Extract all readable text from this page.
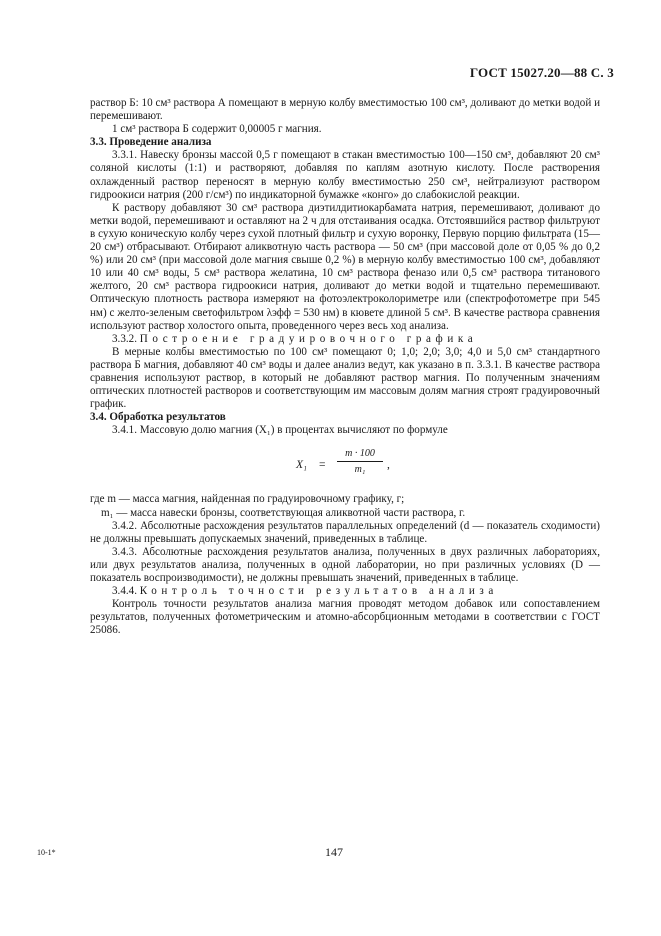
ГОСТ 15027.20—88 С. 3

раствор Б: 10 см³ раствора А помещают в мерную колбу вместимостью 100 см³, доливают до метки водой и перемешивают.

1 см³ раствора Б содержит 0,00005 г магния.

3.3. Проведение анализа

3.3.1. Навеску бронзы массой 0,5 г помещают в стакан вместимостью 100—150 см³, добавляют 20 см³ соляной кислоты (1:1) и растворяют, добавляя по каплям азотную кислоту. После растворения охлажденный раствор переносят в мерную колбу вместимостью 250 см³, нейтрализуют раствором гидроокиси натрия (200 г/см³) по индикаторной бумажке «конго» до слабокислой реакции.

К раствору добавляют 30 см³ раствора диэтилдитиокарбамата натрия, перемешивают, доливают до метки водой, перемешивают и оставляют на 2 ч для отстаивания осадка. Отстоявшийся раствор фильтруют в сухую коническую колбу через сухой плотный фильтр и сухую воронку, Первую порцию фильтрата (15—20 см³) отбрасывают. Отбирают аликвотную часть раствора — 50 см³ (при массовой доле от 0,05 % до 0,2 %) или 20 см³ (при массовой доле магния свыше 0,2 %) в мерную колбу вместимостью 100 см³, добавляют 10 или 40 см³ воды, 5 см³ раствора желатина, 10 см³ раствора феназо или 0,5 см³ раствора титанового желтого, 20 см³ раствора гидроокиси натрия, доливают до метки водой и тщательно перемешивают. Оптическую плотность раствора измеряют на фотоэлектроколориметре или (спектрофотометре при 545 нм) с желто-зеленым светофильтром λэфф = 530 нм) в кювете длиной 5 см³. В качестве раствора сравнения используют раствор холостого опыта, проведенного через весь ход анализа.

3.3.2. Построение градуировочного графика

В мерные колбы вместимостью по 100 см³ помещают 0; 1,0; 2,0; 3,0; 4,0 и 5,0 см³ стандартного раствора Б магния, добавляют 40 см³ воды и далее анализ ведут, как указано в п. 3.3.1. В качестве раствора сравнения используют раствор, в который не добавляют раствор магния. По полученным значениям оптических плотностей растворов и соответствующим им массовым долям магния строят градуировочный график.

3.4. Обработка результатов

3.4.1. Массовую долю магния (X₁) в процентах вычисляют по формуле

X₁ =
m · 100
m₁	,

где m — масса магния, найденная по градуировочному графику, г;

m₁ — масса навески бронзы, соответствующая аликвотной части раствора, г.

3.4.2. Абсолютные расхождения результатов параллельных определений (d — показатель сходимости) не должны превышать допускаемых значений, приведенных в таблице.

3.4.3. Абсолютные расхождения результатов анализа, полученных в двух различных лабораториях, или двух результатов анализа, полученных в одной лаборатории, но при различных условиях (D — показатель воспроизводимости), не должны превышать значений, приведенных в таблице.

3.4.4. Контроль точности результатов анализа

Контроль точности результатов анализа магния проводят методом добавок или сопоставлением результатов, полученных фотометрическим и атомно-абсорбционным методами в соответствии с ГОСТ 25086.

10-1*	147
